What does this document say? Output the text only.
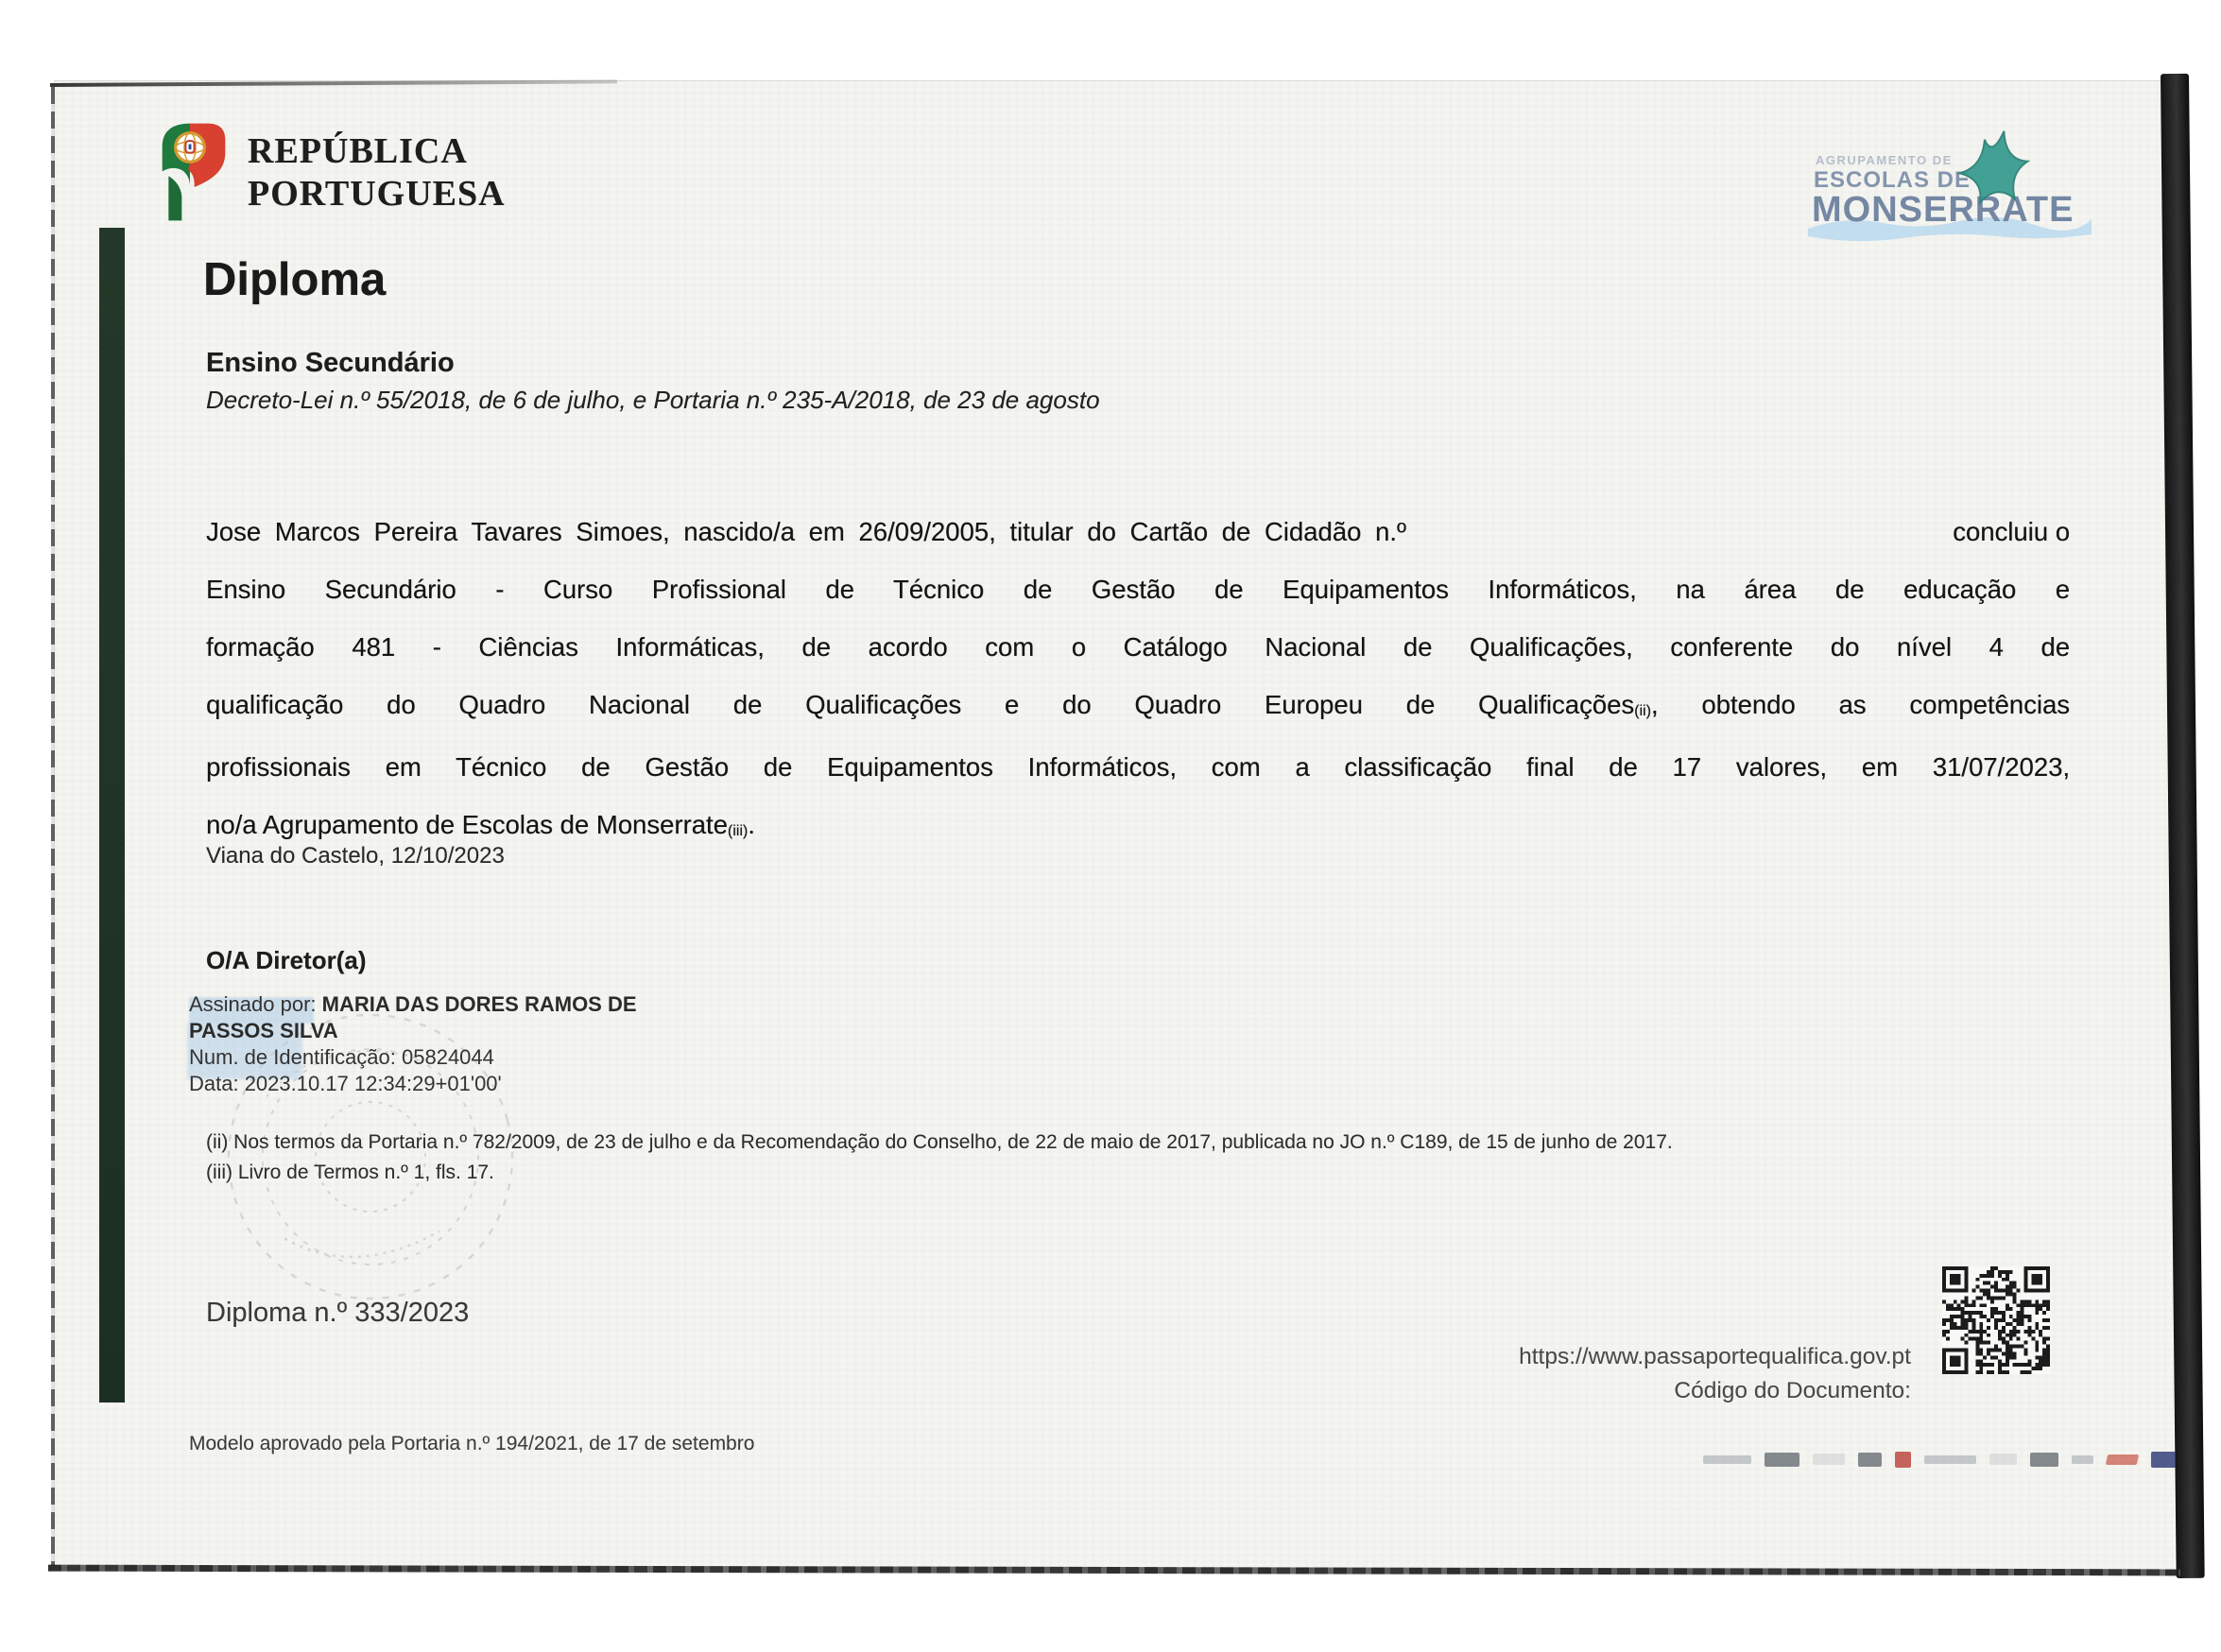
REPÚBLICA
PORTUGUESA
AGRUPAMENTO DE
ESCOLAS DE
MONSERRATE
Diploma
Ensino Secundário
Decreto-Lei n.º 55/2018, de 6 de julho, e Portaria n.º 235-A/2018, de 23 de agosto
Jose Marcos Pereira Tavares Simoes, nascido/a em 26/09/2005, titular do Cartão de Cidadão n.º	concluiu o
Ensino Secundário - Curso Profissional de Técnico de Gestão de Equipamentos Informáticos, na área de educação e
formação 481 - Ciências Informáticas, de acordo com o Catálogo Nacional de Qualificações, conferente do nível 4 de
qualificação do Quadro Nacional de Qualificações e do Quadro Europeu de Qualificações(ii), obtendo as competências
profissionais em Técnico de Gestão de Equipamentos Informáticos, com a classificação final de 17 valores, em 31/07/2023,
no/a Agrupamento de Escolas de Monserrate(iii).
Viana do Castelo, 12/10/2023
O/A Diretor(a)
Assinado por: MARIA DAS DORES RAMOS DE
PASSOS SILVA
Num. de Identificação: 05824044
Data: 2023.10.17 12:34:29+01'00'
(ii) Nos termos da Portaria n.º 782/2009, de 23 de julho e da Recomendação do Conselho, de 22 de maio de 2017, publicada no JO n.º C189, de 15 de junho de 2017.
(iii) Livro de Termos n.º 1, fls. 17.
Diploma n.º 333/2023
https://www.passaportequalifica.gov.pt
Código do Documento:
Modelo aprovado pela Portaria n.º 194/2021, de 17 de setembro
